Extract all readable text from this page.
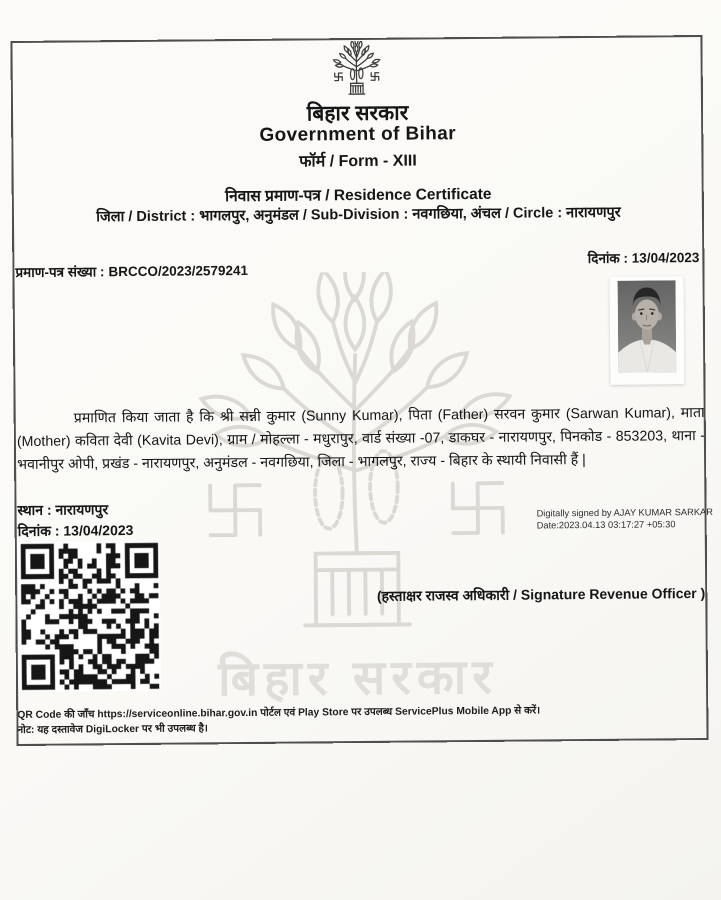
बिहार सरकार
Government of Bihar
फॉर्म / Form - XIII
निवास प्रमाण-पत्र / Residence Certificate
जिला / District : भागलपुर, अनुमंडल / Sub-Division : नवगछिया, अंचल / Circle : नारायणपुर
प्रमाण-पत्र संख्या : BRCCO/2023/2579241
दिनांक : 13/04/2023
प्रमाणित किया जाता है कि श्री सन्नी कुमार (Sunny Kumar), पिता (Father) सरवन कुमार (Sarwan Kumar), माता (Mother) कविता देवी (Kavita Devi), ग्राम / मोहल्ला - मधुरापुर, वार्ड संख्या -07, डाकघर - नारायणपुर, पिनकोड - 853203, थाना - भवानीपुर ओपी, प्रखंड - नारायणपुर, अनुमंडल - नवगछिया, जिला - भागलपुर, राज्य - बिहार के स्थायी निवासी हैं |
स्थान : नारायणपुर
दिनांक : 13/04/2023
Digitally signed by AJAY KUMAR SARKAR
Date:2023.04.13 03:17:27 +05:30
(हस्ताक्षर राजस्व अधिकारी / Signature Revenue Officer )
बिहार सरकार
QR Code की जाँच https://serviceonline.bihar.gov.in पोर्टल एवं Play Store पर उपलब्ध ServicePlus Mobile App से करें।
नोट: यह दस्तावेज DigiLocker पर भी उपलब्ध है।
